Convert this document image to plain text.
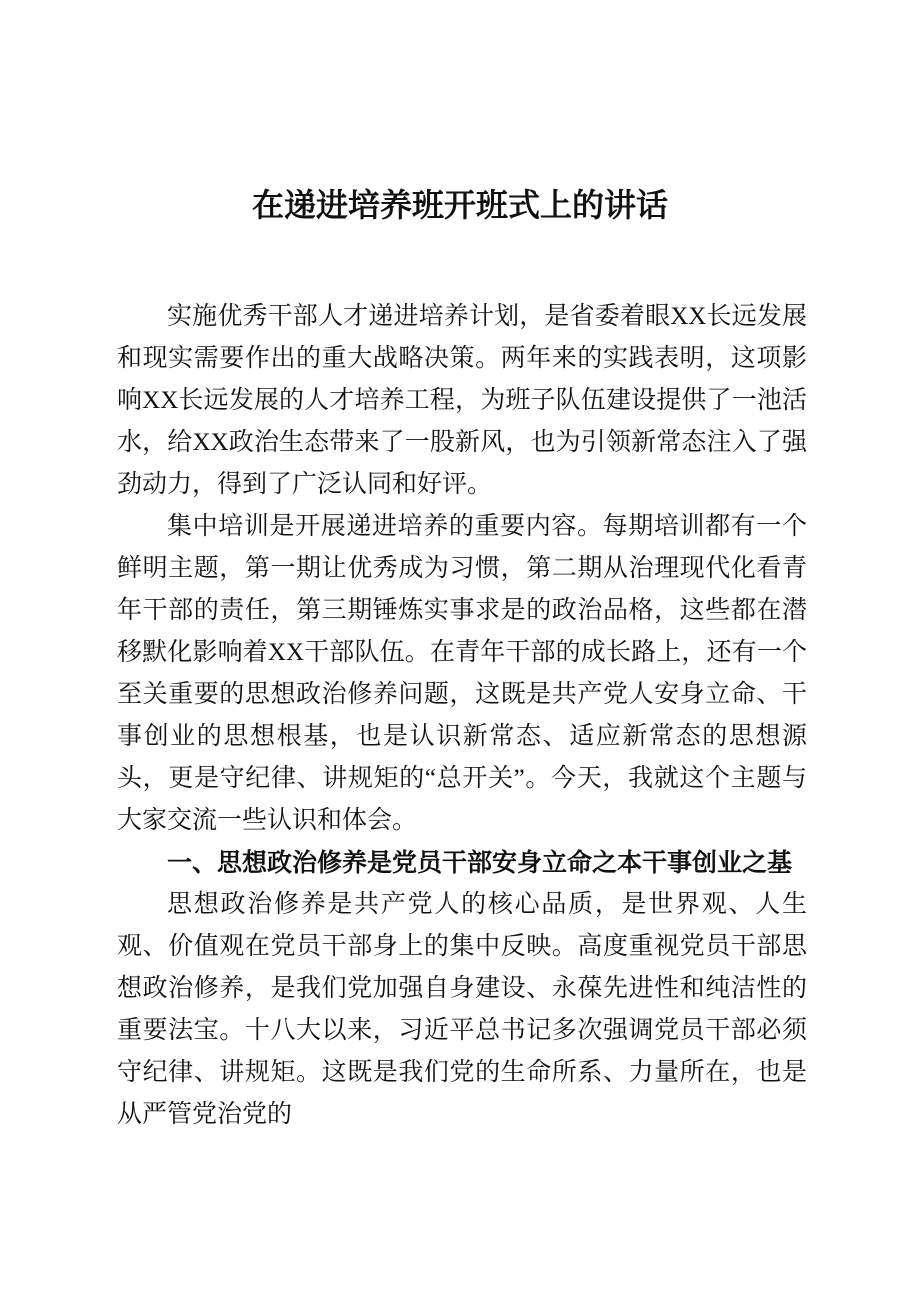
在递进培养班开班式上的讲话

实施优秀干部人才递进培养计划，是省委着眼XX长远发展和现实需要作出的重大战略决策。两年来的实践表明，这项影响XX长远发展的人才培养工程，为班子队伍建设提供了一池活水，给XX政治生态带来了一股新风，也为引领新常态注入了强劲动力，得到了广泛认同和好评。

集中培训是开展递进培养的重要内容。每期培训都有一个鲜明主题，第一期让优秀成为习惯，第二期从治理现代化看青年干部的责任，第三期锤炼实事求是的政治品格，这些都在潜移默化影响着XX干部队伍。在青年干部的成长路上，还有一个至关重要的思想政治修养问题，这既是共产党人安身立命、干事创业的思想根基，也是认识新常态、适应新常态的思想源头，更是守纪律、讲规矩的“总开关”。今天，我就这个主题与大家交流一些认识和体会。

一、思想政治修养是党员干部安身立命之本干事创业之基

思想政治修养是共产党人的核心品质，是世界观、人生观、价值观在党员干部身上的集中反映。高度重视党员干部思想政治修养，是我们党加强自身建设、永葆先进性和纯洁性的重要法宝。十八大以来，习近平总书记多次强调党员干部必须守纪律、讲规矩。这既是我们党的生命所系、力量所在，也是从严管党治党的
